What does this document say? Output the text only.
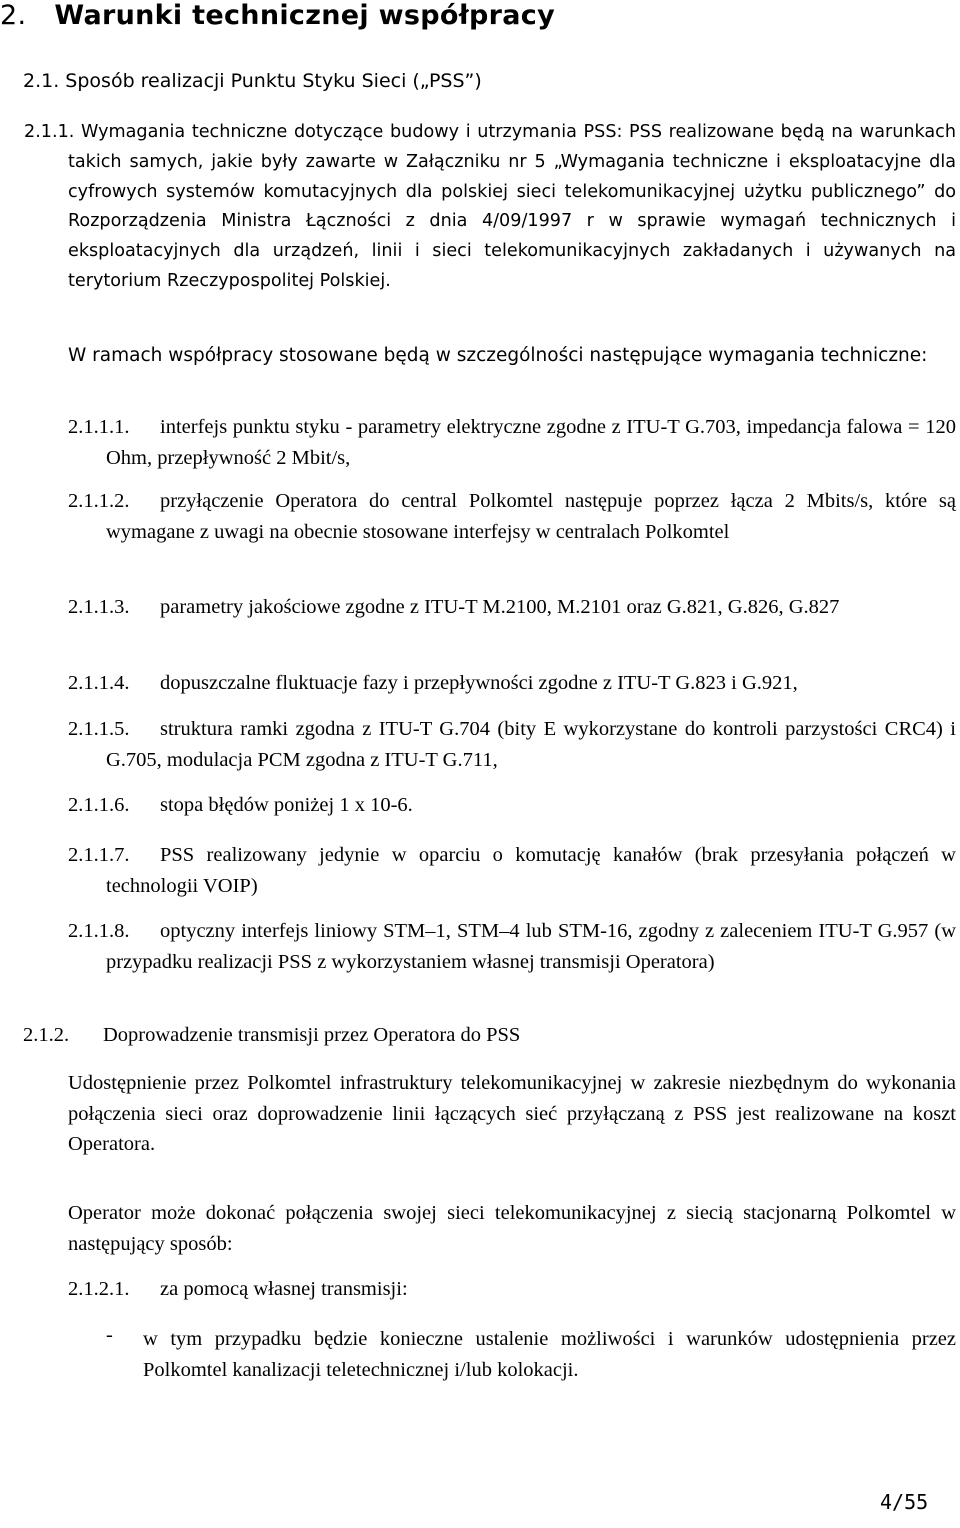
2. Warunki technicznej współpracy
2.1. Sposób realizacji Punktu Styku Sieci („PSS”)
2.1.1. Wymagania techniczne dotyczące budowy i utrzymania PSS: PSS realizowane będą na warunkach takich samych, jakie były zawarte w Załączniku nr 5 „Wymagania techniczne i eksploatacyjne dla cyfrowych systemów komutacyjnych dla polskiej sieci telekomunikacyjnej użytku publicznego” do Rozporządzenia Ministra Łączności z dnia 4/09/1997 r w sprawie wymagań technicznych i eksploatacyjnych dla urządzeń, linii i sieci telekomunikacyjnych zakładanych i używanych na terytorium Rzeczypospolitej Polskiej.
W ramach współpracy stosowane będą w szczególności następujące wymagania techniczne:
2.1.1.1.	interfejs punktu styku - parametry elektryczne zgodne z ITU-T G.703, impedancja falowa = 120 Ohm, przepływność 2 Mbit/s,
2.1.1.2.	przyłączenie Operatora do central Polkomtel następuje poprzez łącza 2 Mbits/s, które są wymagane z uwagi na obecnie stosowane interfejsy w centralach Polkomtel
2.1.1.3.	parametry jakościowe zgodne z ITU-T M.2100, M.2101 oraz G.821, G.826, G.827
2.1.1.4.	dopuszczalne fluktuacje fazy i przepływności zgodne z ITU-T G.823 i G.921,
2.1.1.5.	struktura ramki zgodna z ITU-T G.704 (bity E wykorzystane do kontroli parzystości CRC4) i G.705, modulacja PCM zgodna z ITU-T G.711,
2.1.1.6.	stopa błędów poniżej 1 x 10-6.
2.1.1.7.	PSS realizowany jedynie w oparciu o komutację kanałów (brak przesyłania połączeń w technologii VOIP)
2.1.1.8.	optyczny interfejs liniowy STM–1, STM–4 lub STM-16, zgodny z zaleceniem ITU-T G.957 (w przypadku realizacji PSS z wykorzystaniem własnej transmisji Operatora)
2.1.2. Doprowadzenie transmisji przez Operatora do PSS
Udostępnienie przez Polkomtel infrastruktury telekomunikacyjnej w zakresie niezbędnym do wykonania połączenia sieci oraz doprowadzenie linii łączących sieć przyłączaną z PSS jest realizowane na koszt Operatora.
Operator może dokonać połączenia swojej sieci telekomunikacyjnej z siecią stacjonarną Polkomtel w następujący sposób:
2.1.2.1. za pomocą własnej transmisji:
- w tym przypadku będzie konieczne ustalenie możliwości i warunków udostępnienia przez Polkomtel kanalizacji teletechnicznej i/lub kolokacji.
4/55
